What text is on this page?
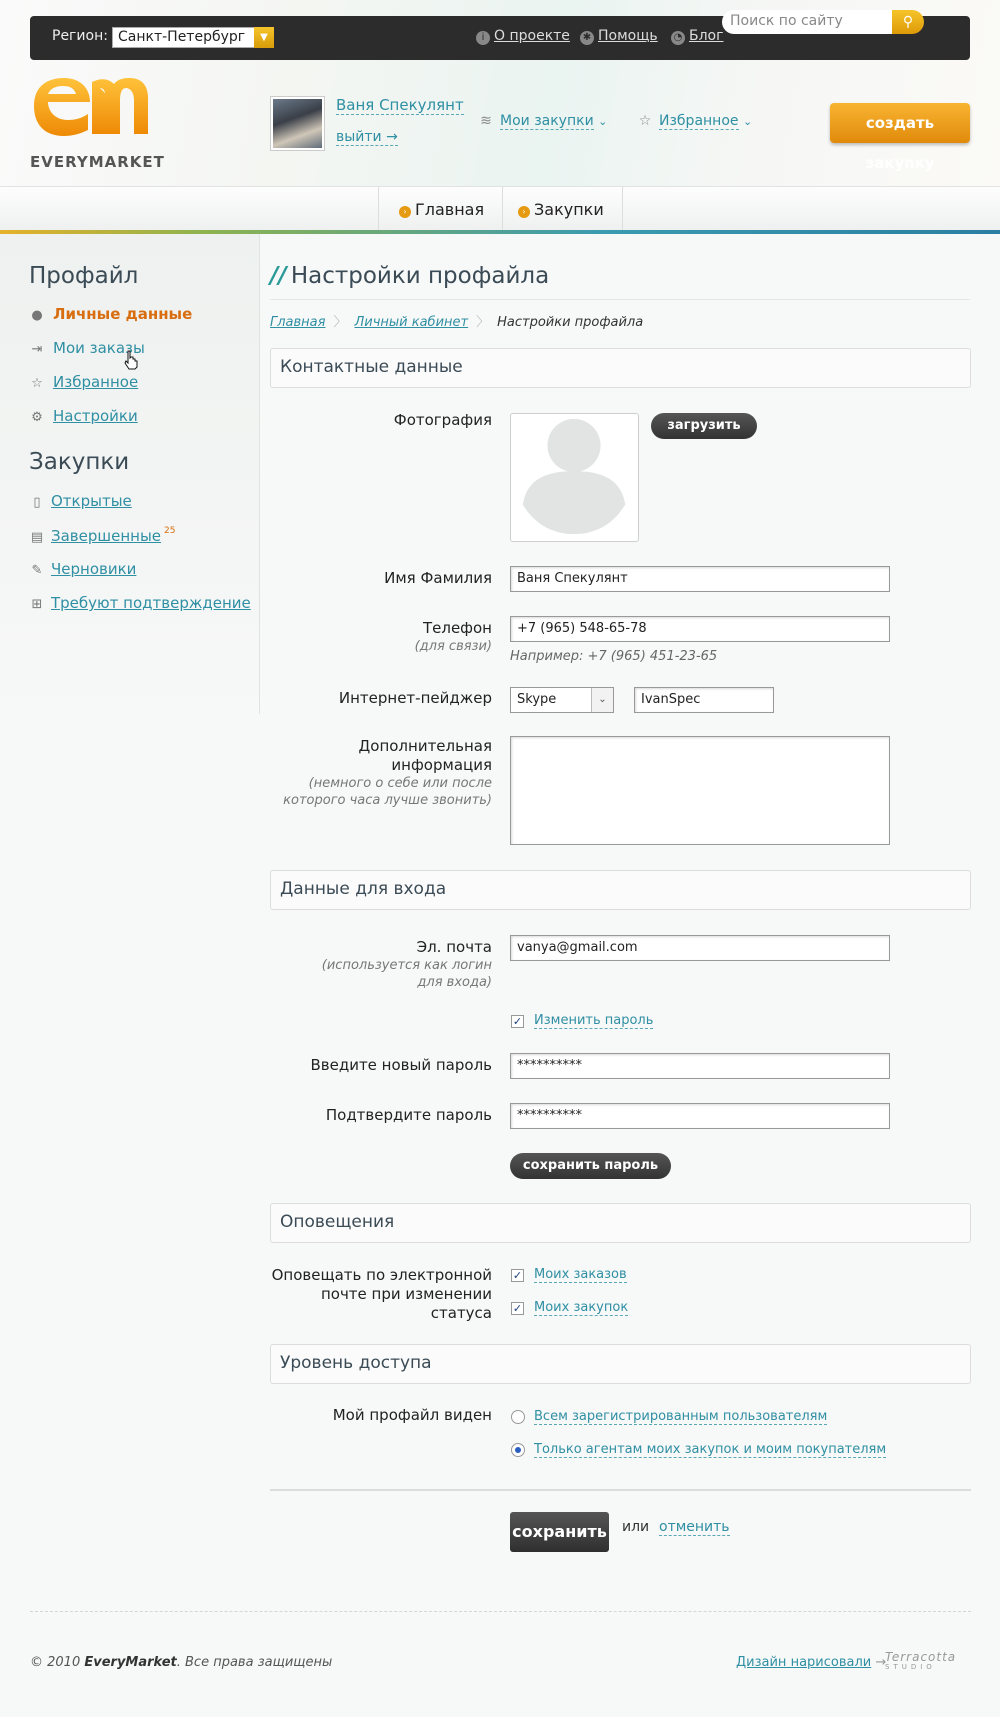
Регион: Санкт-Петербург	▼	i О проекте ✱ Помощь ◔ Блог
Поиск по сайту	⚲
EVERYMARKET
Ваня Спекулянт
выйти →
≋ Мои закупки ⌄ ☆ Избранное ⌄	создать закупку
› Главная	› Закупки
Профайл
● Личные данные
⇥ Мои заказы
☆ Избранное
⚙ Настройки
Закупки
▯ Открытые
▤ Завершенные $^{25}$
✎ Черновики
⊞ Требуют подтверждение
// Настройки профайла
Главная 〉 Личный кабинет 〉 Настройки профайла
Контактные данные
Фотография	загрузить
Имя Фамилия	Ваня Спекулянт
Телефон
(для связи)
+7 (965) 548-65-78
Например: +7 (965) 451-23-65
Интернет-пейджер	Skype	⌄	IvanSpec
Дополнительная
информация
(немного о себе или после
которого часа лучше звонить)
Данные для входа
Эл. почта
(используется как логин
для входа)
vanya@gmail.com
✓ Изменить пароль
Введите новый пароль	**********
Подтвердите пароль	**********
сохранить пароль
Оповещения
Оповещать по электронной
почте при изменении
статуса
✓ Моих заказов
✓ Моих закупок
Уровень доступа
Мой профайл виден	Всем зарегистрированным пользователям
Только агентам моих закупок и моим покупателям
сохранить или отменить
© 2010 EveryMarket. Все права защищены	Дизайн нарисовали →
Terracotta
STUDIO
